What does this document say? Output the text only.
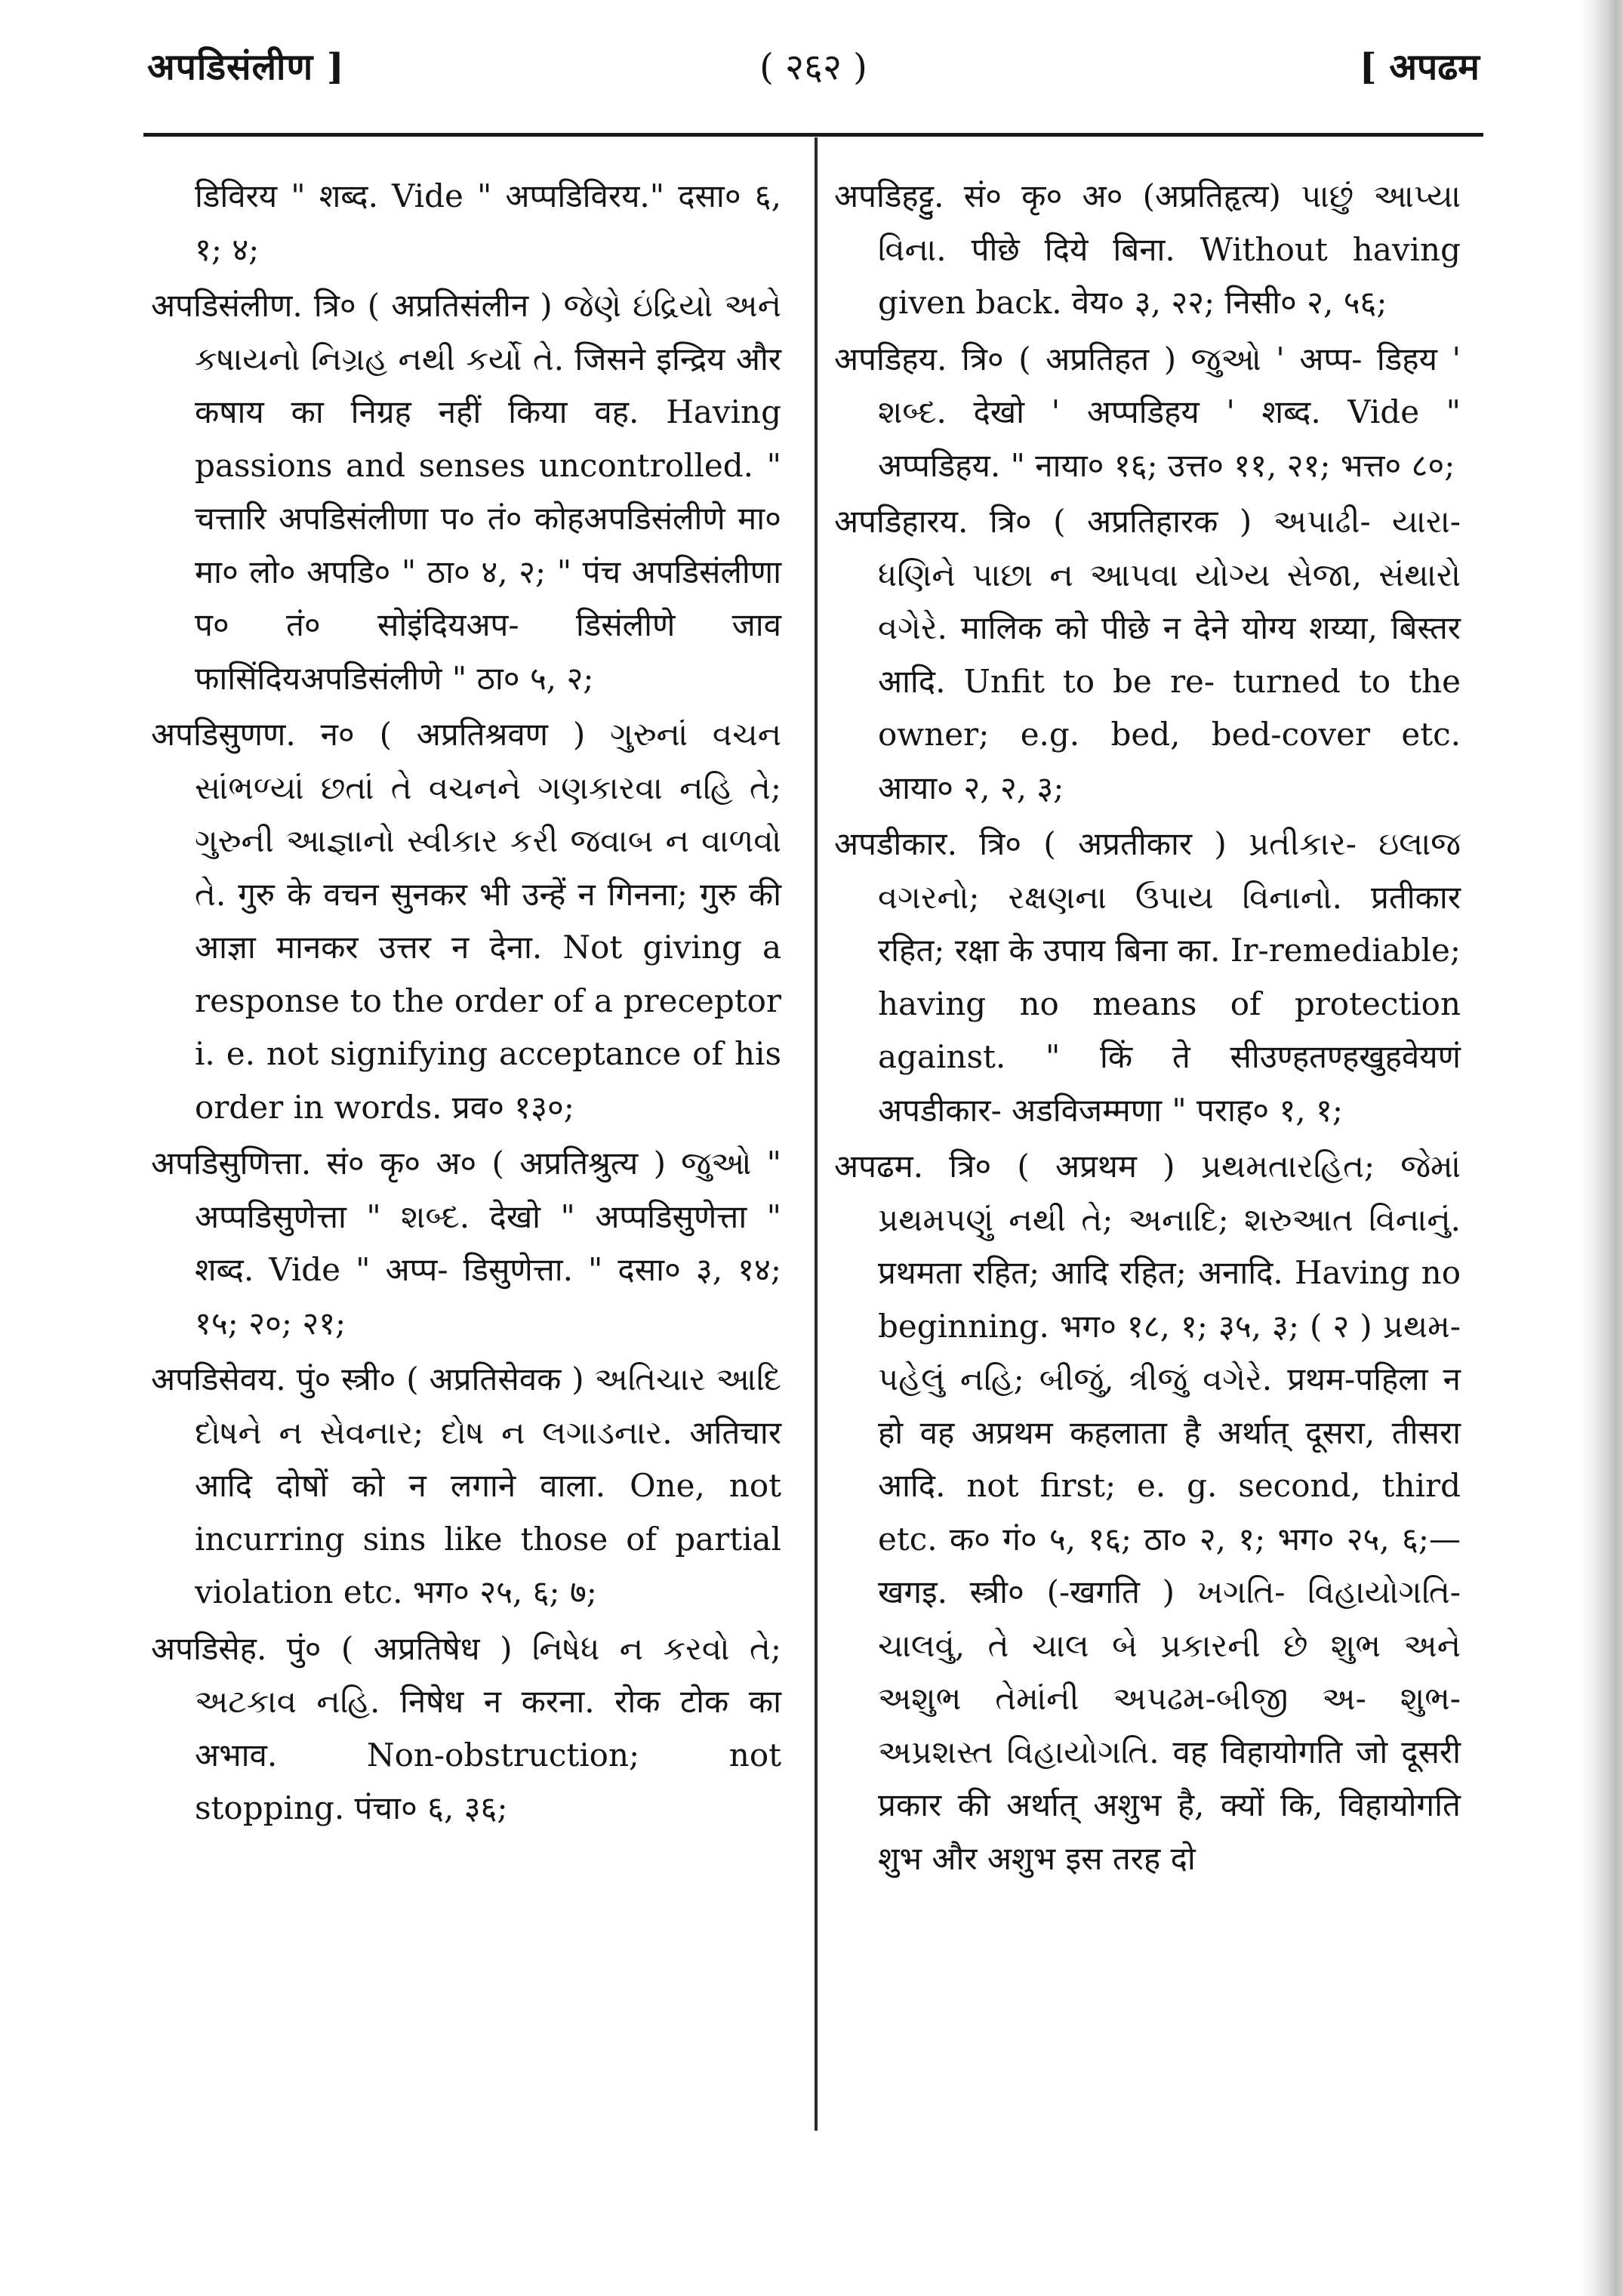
अपडिसंलीण ]	( २६२ )	[ अपढम

डिविरय " शब्द. Vide " अप्पडिविरय." दसा० ६, १; ४;

अपडिसंलीण. त्रि० ( अप्रतिसंलीन ) જેણે ઇંદ્રિયો અને કષાયનો નિગ્રહ નથી કર્યો તે. जिसने इन्द्रिय और कषाय का निग्रह नहीं किया वह. Having passions and senses uncontrolled. " चत्तारि अपडिसंलीणा प० तं० कोहअपडिसंलीणे मा० मा० लो० अपडि० " ठा० ४, २; " पंच अपडिसंलीणा प० तं० सोइंदियअप- डिसंलीणे जाव फासिंदियअपडिसंलीणे " ठा० ५, २;

अपडिसुणण. न० ( अप्रतिश्रवण ) ગુરુનાં વચન સાંભળ્યાં છતાં તે વચનને ગણકારવા નહિ તે; ગુરુની આજ્ઞાનો સ્વીકાર કરી જવાબ ન વાળવો તે. गुरु के वचन सुनकर भी उन्हें न गिनना; गुरु की आज्ञा मानकर उत्तर न देना. Not giving a response to the order of a preceptor i. e. not signifying acceptance of his order in words. प्रव० १३०;

अपडिसुणित्ता. सं० कृ० अ० ( अप्रतिश्रुत्य ) જુઓ " अप्पडिसुणेत्ता " શબ્દ. देखो " अप्पडिसुणेत्ता " शब्द. Vide " अप्प- डिसुणेत्ता. " दसा० ३, १४; १५; २०; २१;

अपडिसेवय. पुं० स्त्री० ( अप्रतिसेवक ) અતિચાર આદિ દોષને ન સેવનાર; દોષ ન લગાડનાર. अतिचार आदि दोषों को न लगाने वाला. One, not incurring sins like those of partial violation etc. भग० २५, ६; ७;

अपडिसेह. पुं० ( अप्रतिषेध ) નિષેધ ન કરવો તે; અટકાવ નહિ. निषेध न करना. रोक टोक का अभाव. Non-obstruction; not stopping. पंचा० ६, ३६;

अपडिहट्टु. सं० कृ० अ० (अप्रतिहृत्य) પાછું આપ્યા વિના. पीछे दिये बिना. Without having given back. वेय० ३, २२; निसी० २, ५६;

अपडिहय. त्रि० ( अप्रतिहत ) જુઓ ' अप्प- डिहय ' શબ્દ. देखो ' अप्पडिहय ' शब्द. Vide " अप्पडिहय. " नाया० १६; उत्त० ११, २१; भत्त० ८०;

अपडिहारय. त्रि० ( अप्रतिहारक ) અપાઢી- યારા-ધણિને પાછા ન આપવા યોગ્ય સેજા, સંથારો વગેરે. मालिक को पीछे न देने योग्य शय्या, बिस्तर आदि. Unfit to be re- turned to the owner; e.g. bed, bed-cover etc. आया० २, २, ३;

अपडीकार. त्रि० ( अप्रतीकार ) પ્રતીકાર- ઇલાજ વગરનો; રક્ષણના ઉપાય વિનાનો. प्रतीकार रहित; रक्षा के उपाय बिना का. Ir-remediable; having no means of protection against. " किं ते सीउण्हतण्हखुहवेयणं अपडीकार- अडविजम्मणा " पराह० १, १;

अपढम. त्रि० ( अप्रथम ) પ્રથમતારહિત; જેમાં પ્રથમપણું નથી તે; અનાદિ; શરુઆત વિનાનું. प्रथमता रहित; आदि रहित; अनादि. Having no beginning. भग० १८, १; ३५, ३; ( २ ) પ્રથમ-પહેલું નહિ; બીજું, ત્રીજું વગેરે. प्रथम-पहिला न हो वह अप्रथम कहलाता है अर्थात् दूसरा, तीसरा आदि. not first; e. g. second, third etc. क० गं० ५, १६; ठा० २, १; भग० २५, ६;—खगइ. स्त्री० (-खगति ) ખગતિ- વિહાયોગતિ-ચાલવું, તે ચાલ બે પ્રકારની છે શુભ અને અશુભ તેમાંની અપઢમ-બીજી અ- શુભ-અપ્રશસ્ત વિહાયોગતિ. वह विहायोगति जो दूसरी प्रकार की अर्थात् अशुभ है, क्यों कि, विहायोगति शुभ और अशुभ इस तरह दो
